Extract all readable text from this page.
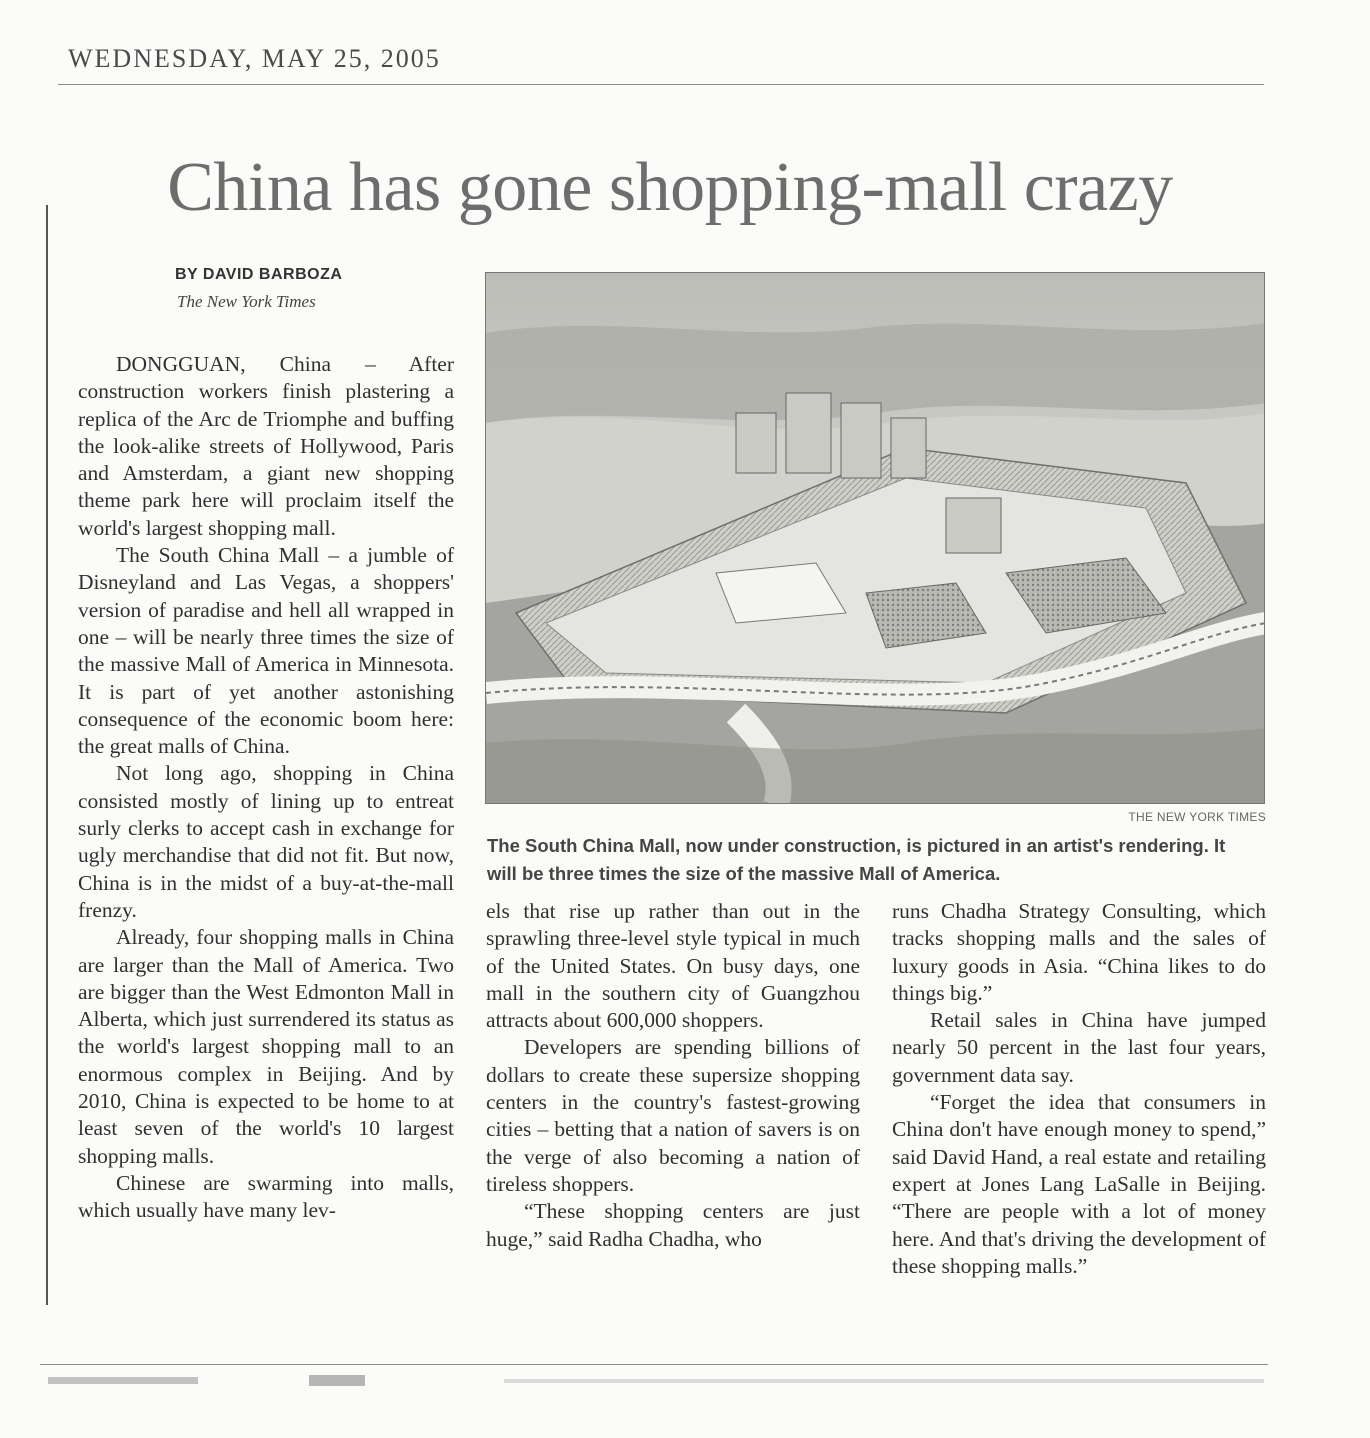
WEDNESDAY, MAY 25, 2005
China has gone shopping-mall crazy
BY DAVID BARBOZA
The New York Times

DONGGUAN, China – After construction workers finish plastering a replica of the Arc de Triomphe and buffing the look-alike streets of Hollywood, Paris and Amsterdam, a giant new shopping theme park here will proclaim itself the world's largest shopping mall.

The South China Mall – a jumble of Disneyland and Las Vegas, a shoppers' version of paradise and hell all wrapped in one – will be nearly three times the size of the massive Mall of America in Minnesota. It is part of yet another astonishing consequence of the economic boom here: the great malls of China.

Not long ago, shopping in China consisted mostly of lining up to entreat surly clerks to accept cash in exchange for ugly merchandise that did not fit. But now, China is in the midst of a buy-at-the-mall frenzy.

Already, four shopping malls in China are larger than the Mall of America. Two are bigger than the West Edmonton Mall in Alberta, which just surrendered its status as the world's largest shopping mall to an enormous complex in Beijing. And by 2010, China is expected to be home to at least seven of the world's 10 largest shopping malls.

Chinese are swarming into malls, which usually have many lev-

THE NEW YORK TIMES
The South China Mall, now under construction, is pictured in an artist's rendering. It will be three times the size of the massive Mall of America.

els that rise up rather than out in the sprawling three-level style typical in much of the United States. On busy days, one mall in the southern city of Guangzhou attracts about 600,000 shoppers.

Developers are spending billions of dollars to create these supersize shopping centers in the country's fastest-growing cities – betting that a nation of savers is on the verge of also becoming a nation of tireless shoppers.

“These shopping centers are just huge,” said Radha Chadha, who

runs Chadha Strategy Consulting, which tracks shopping malls and the sales of luxury goods in Asia. “China likes to do things big.”

Retail sales in China have jumped nearly 50 percent in the last four years, government data say.

“Forget the idea that consumers in China don't have enough money to spend,” said David Hand, a real estate and retailing expert at Jones Lang LaSalle in Beijing. “There are people with a lot of money here. And that's driving the development of these shopping malls.”
